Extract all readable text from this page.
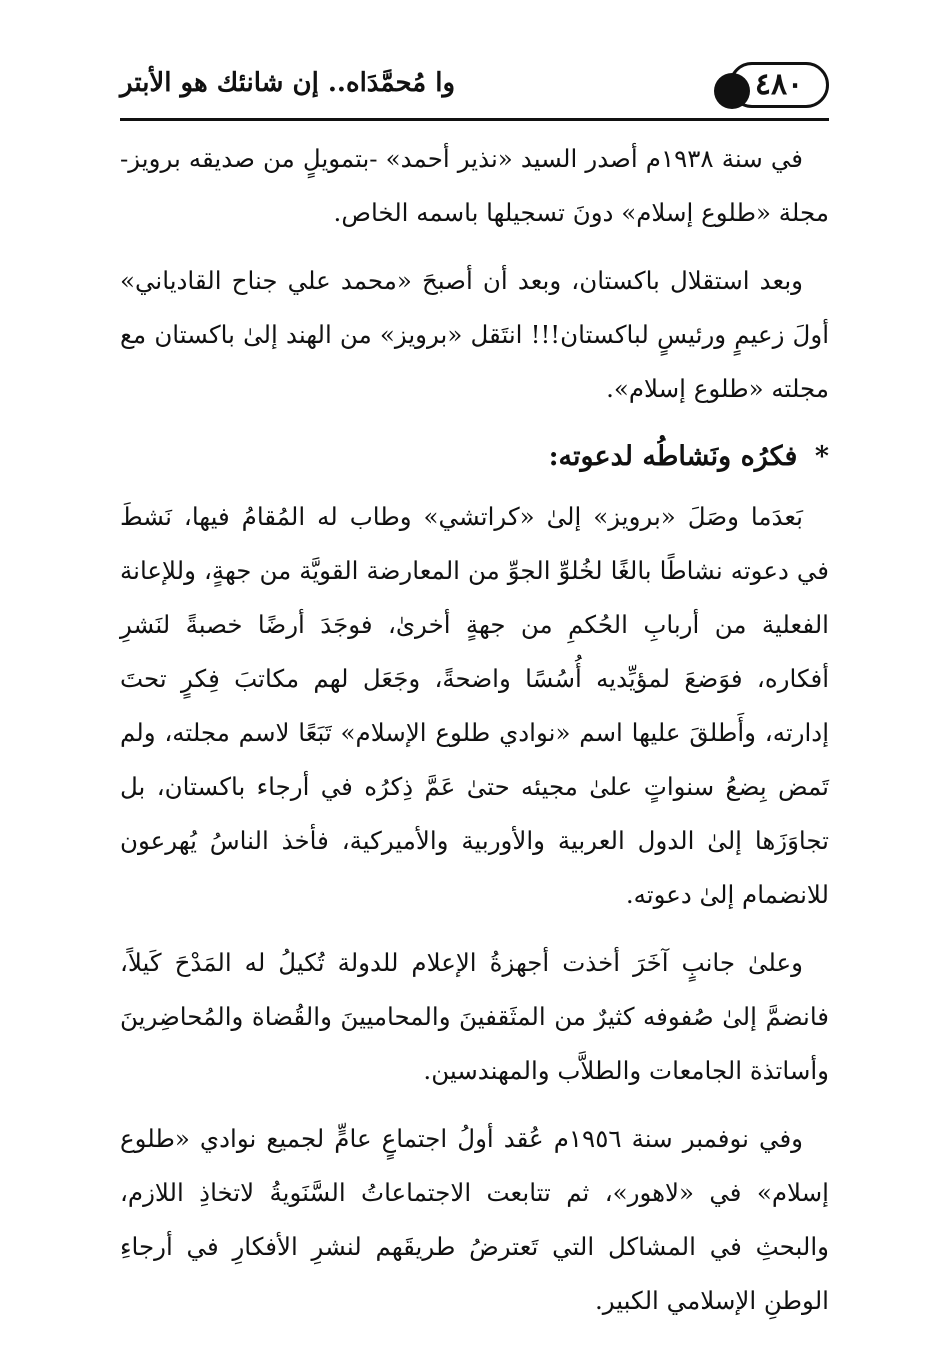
٤٨٠
وا مُحمَّدَاه.. إن شانئك هو الأبتر

في سنة ١٩٣٨م أصدر السيد «نذير أحمد» -بتمويلٍ من صديقه برويز- مجلة «طلوع إسلام» دونَ تسجيلها باسمه الخاص.

وبعد استقلال باكستان، وبعد أن أصبحَ «محمد علي جناح القادياني» أولَ زعيمٍ ورئيسٍ لباكستان!!! انتَقل «برويز» من الهند إلىٰ باكستان مع مجلته «طلوع إسلام».

* فكرُه ونَشاطُه لدعوته:

بَعدَما وصَلَ «برويز» إلىٰ «كراتشي» وطاب له المُقامُ فيها، نَشطَ في دعوته نشاطًا بالغًا لخُلوِّ الجوِّ من المعارضة القويَّة من جهةٍ، وللإعانة الفعلية من أربابِ الحُكمِ من جهةٍ أخرىٰ، فوجَدَ أرضًا خصبةً لنَشرِ أفكاره، فوَضعَ لمؤيِّديه أُسُسًا واضحةً، وجَعَل لهم مكاتبَ فِكرٍ تحتَ إدارته، وأَطلقَ عليها اسم «نوادي طلوع الإسلام» تَبَعًا لاسم مجلته، ولم تَمض بِضعُ سنواتٍ علىٰ مجيئه حتىٰ عَمَّ ذِكرُه في أرجاء باكستان، بل تجاوَزَها إلىٰ الدول العربية والأوربية والأميركية، فأخذ الناسُ يُهرعون للانضمام إلىٰ دعوته.

وعلىٰ جانبٍ آخَرَ أخذت أجهزةُ الإعلام للدولة تُكيلُ له المَدْحَ كَيلاً، فانضمَّ إلىٰ صُفوفه كثيرٌ من المثَقفينَ والمحاميينَ والقُضاة والمُحاضِرينَ وأساتذة الجامعات والطلاَّب والمهندسين.

وفي نوفمبر سنة ١٩٥٦م عُقد أولُ اجتماعٍ عامٍّ لجميع نوادي «طلوع إسلام» في «لاهور»، ثم تتابعت الاجتماعاتُ السَّنَويةُ لاتخاذِ اللازم، والبحثِ في المشاكل التي تَعترضُ طريقَهم لنشرِ الأفكارِ في أرجاءِ الوطنِ الإسلامي الكبير.
